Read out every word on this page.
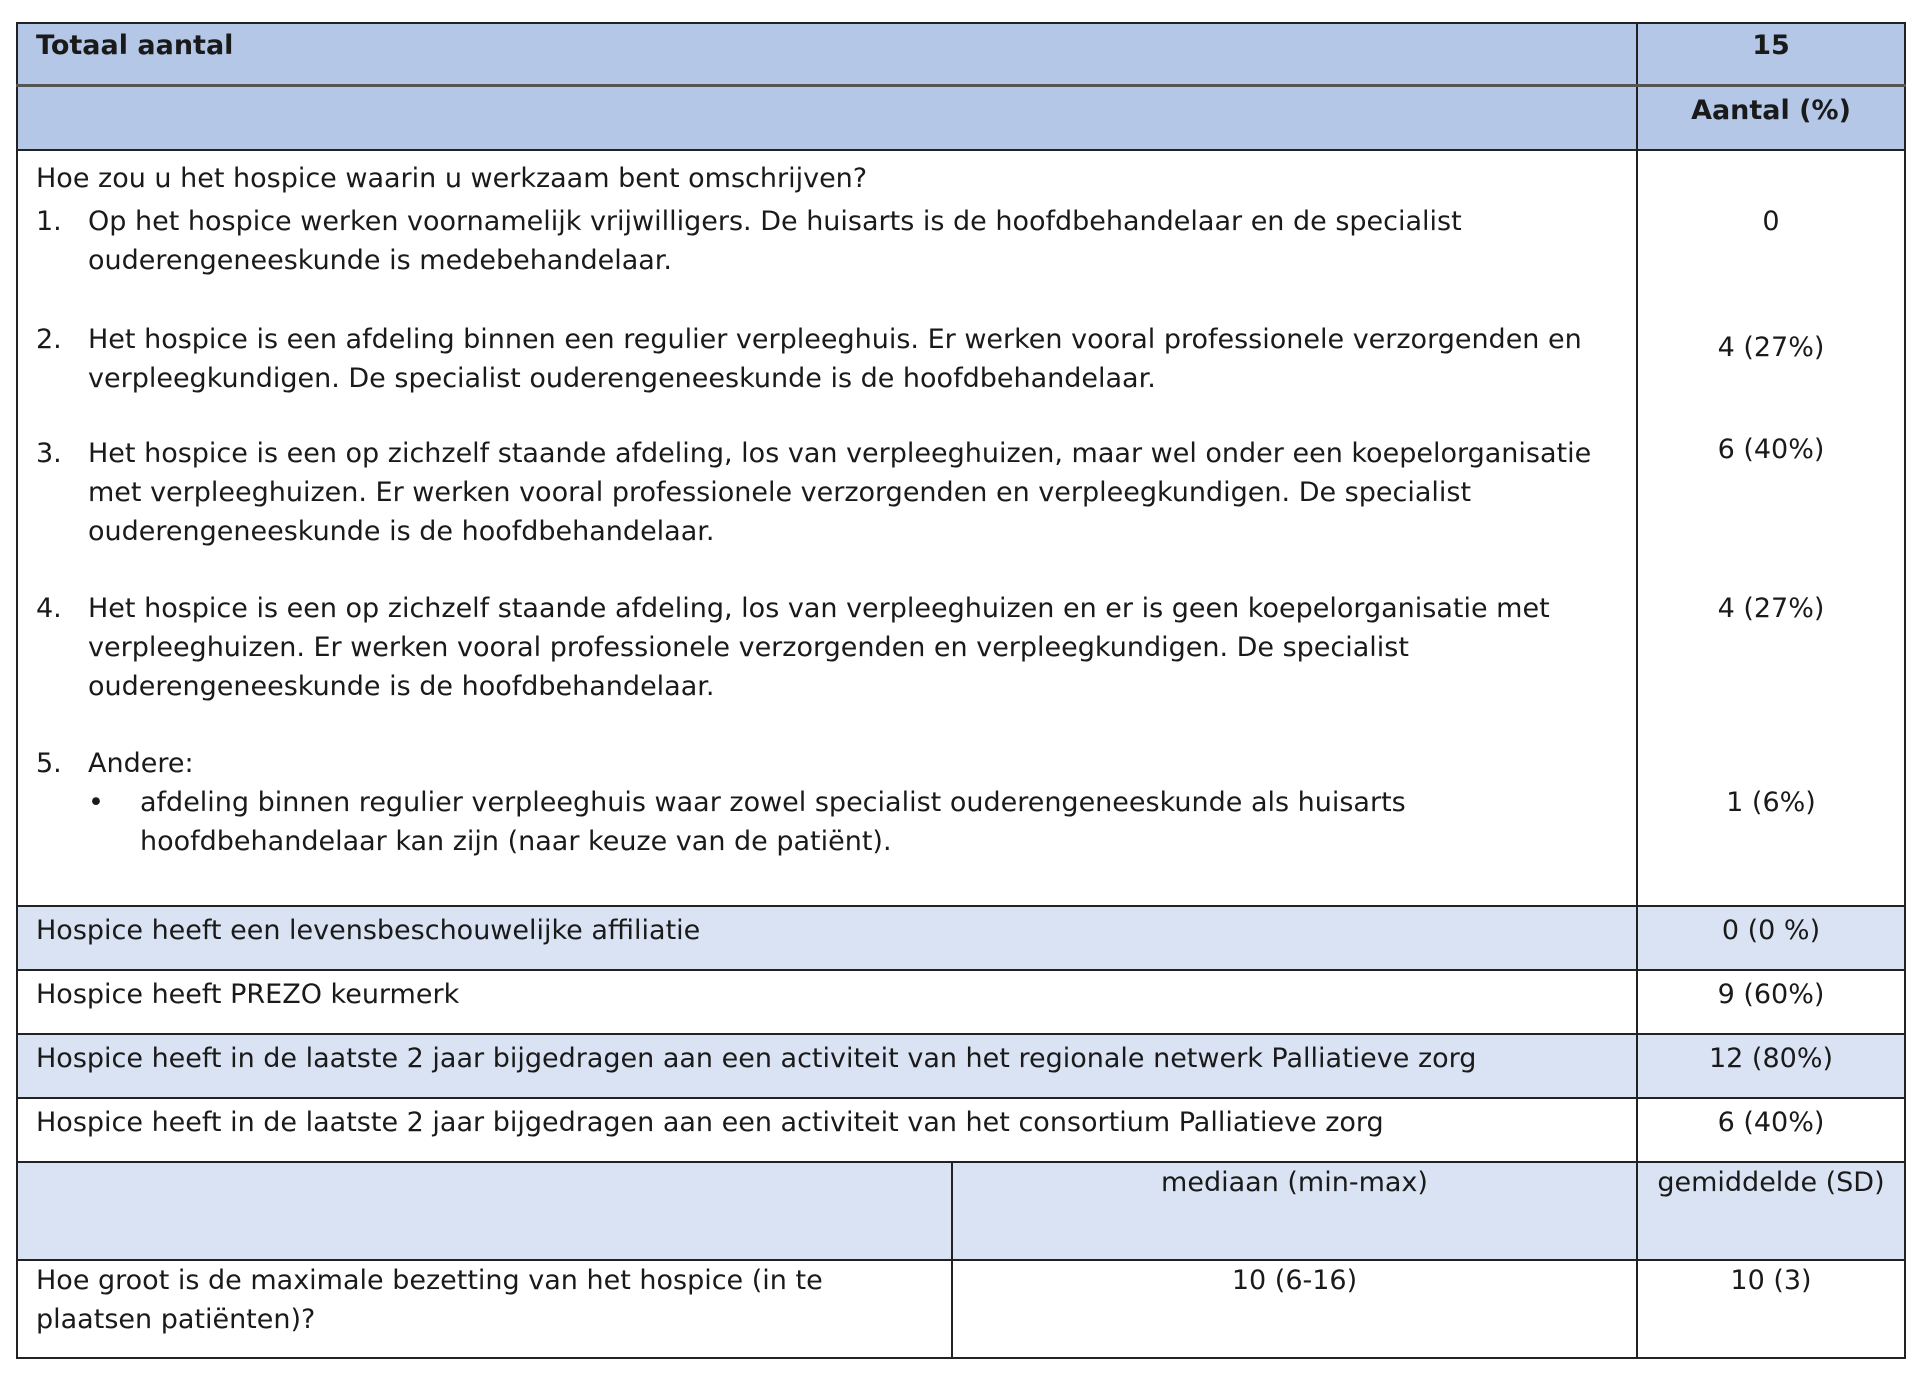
Totaal aantal		15
		Aantal (%)
Hoe zou u het hospice waarin u werkzaam bent omschrijven?		

1. Op het hospice werken voornamelijk vrijwilligers. De huisarts is de hoofdbehandelaar en de specialist ouderengeneeskunde is medebehandelaar.		0

2. Het hospice is een afdeling binnen een regulier verpleeghuis. Er werken vooral professionele verzorgenden en verpleegkundigen. De specialist ouderengeneeskunde is de hoofdbehandelaar.		4 (27%)

3. Het hospice is een op zichzelf staande afdeling, los van verpleeghuizen, maar wel onder een koepelorganisatie met verpleeghuizen. Er werken vooral professionele verzorgenden en verpleegkundigen. De specialist ouderengeneeskunde is de hoofdbehandelaar.		6 (40%)

4. Het hospice is een op zichzelf staande afdeling, los van verpleeghuizen en er is geen koepelorganisatie met verpleeghuizen. Er werken vooral professionele verzorgenden en verpleegkundigen. De specialist ouderengeneeskunde is de hoofdbehandelaar.		4 (27%)

5. Andere:
• afdeling binnen regulier verpleeghuis waar zowel specialist ouderengeneeskunde als huisarts hoofdbehandelaar kan zijn (naar keuze van de patiënt).		1 (6%)
Hospice heeft een levensbeschouwelijke affiliatie		0 (0 %)
Hospice heeft PREZO keurmerk		9 (60%)
Hospice heeft in de laatste 2 jaar bijgedragen aan een activiteit van het regionale netwerk Palliatieve zorg		12 (80%)
Hospice heeft in de laatste 2 jaar bijgedragen aan een activiteit van het consortium Palliatieve zorg		6 (40%)
	mediaan (min-max)	gemiddelde (SD)
Hoe groot is de maximale bezetting van het hospice (in te plaatsen patiënten)?	10 (6-16)	10 (3)
